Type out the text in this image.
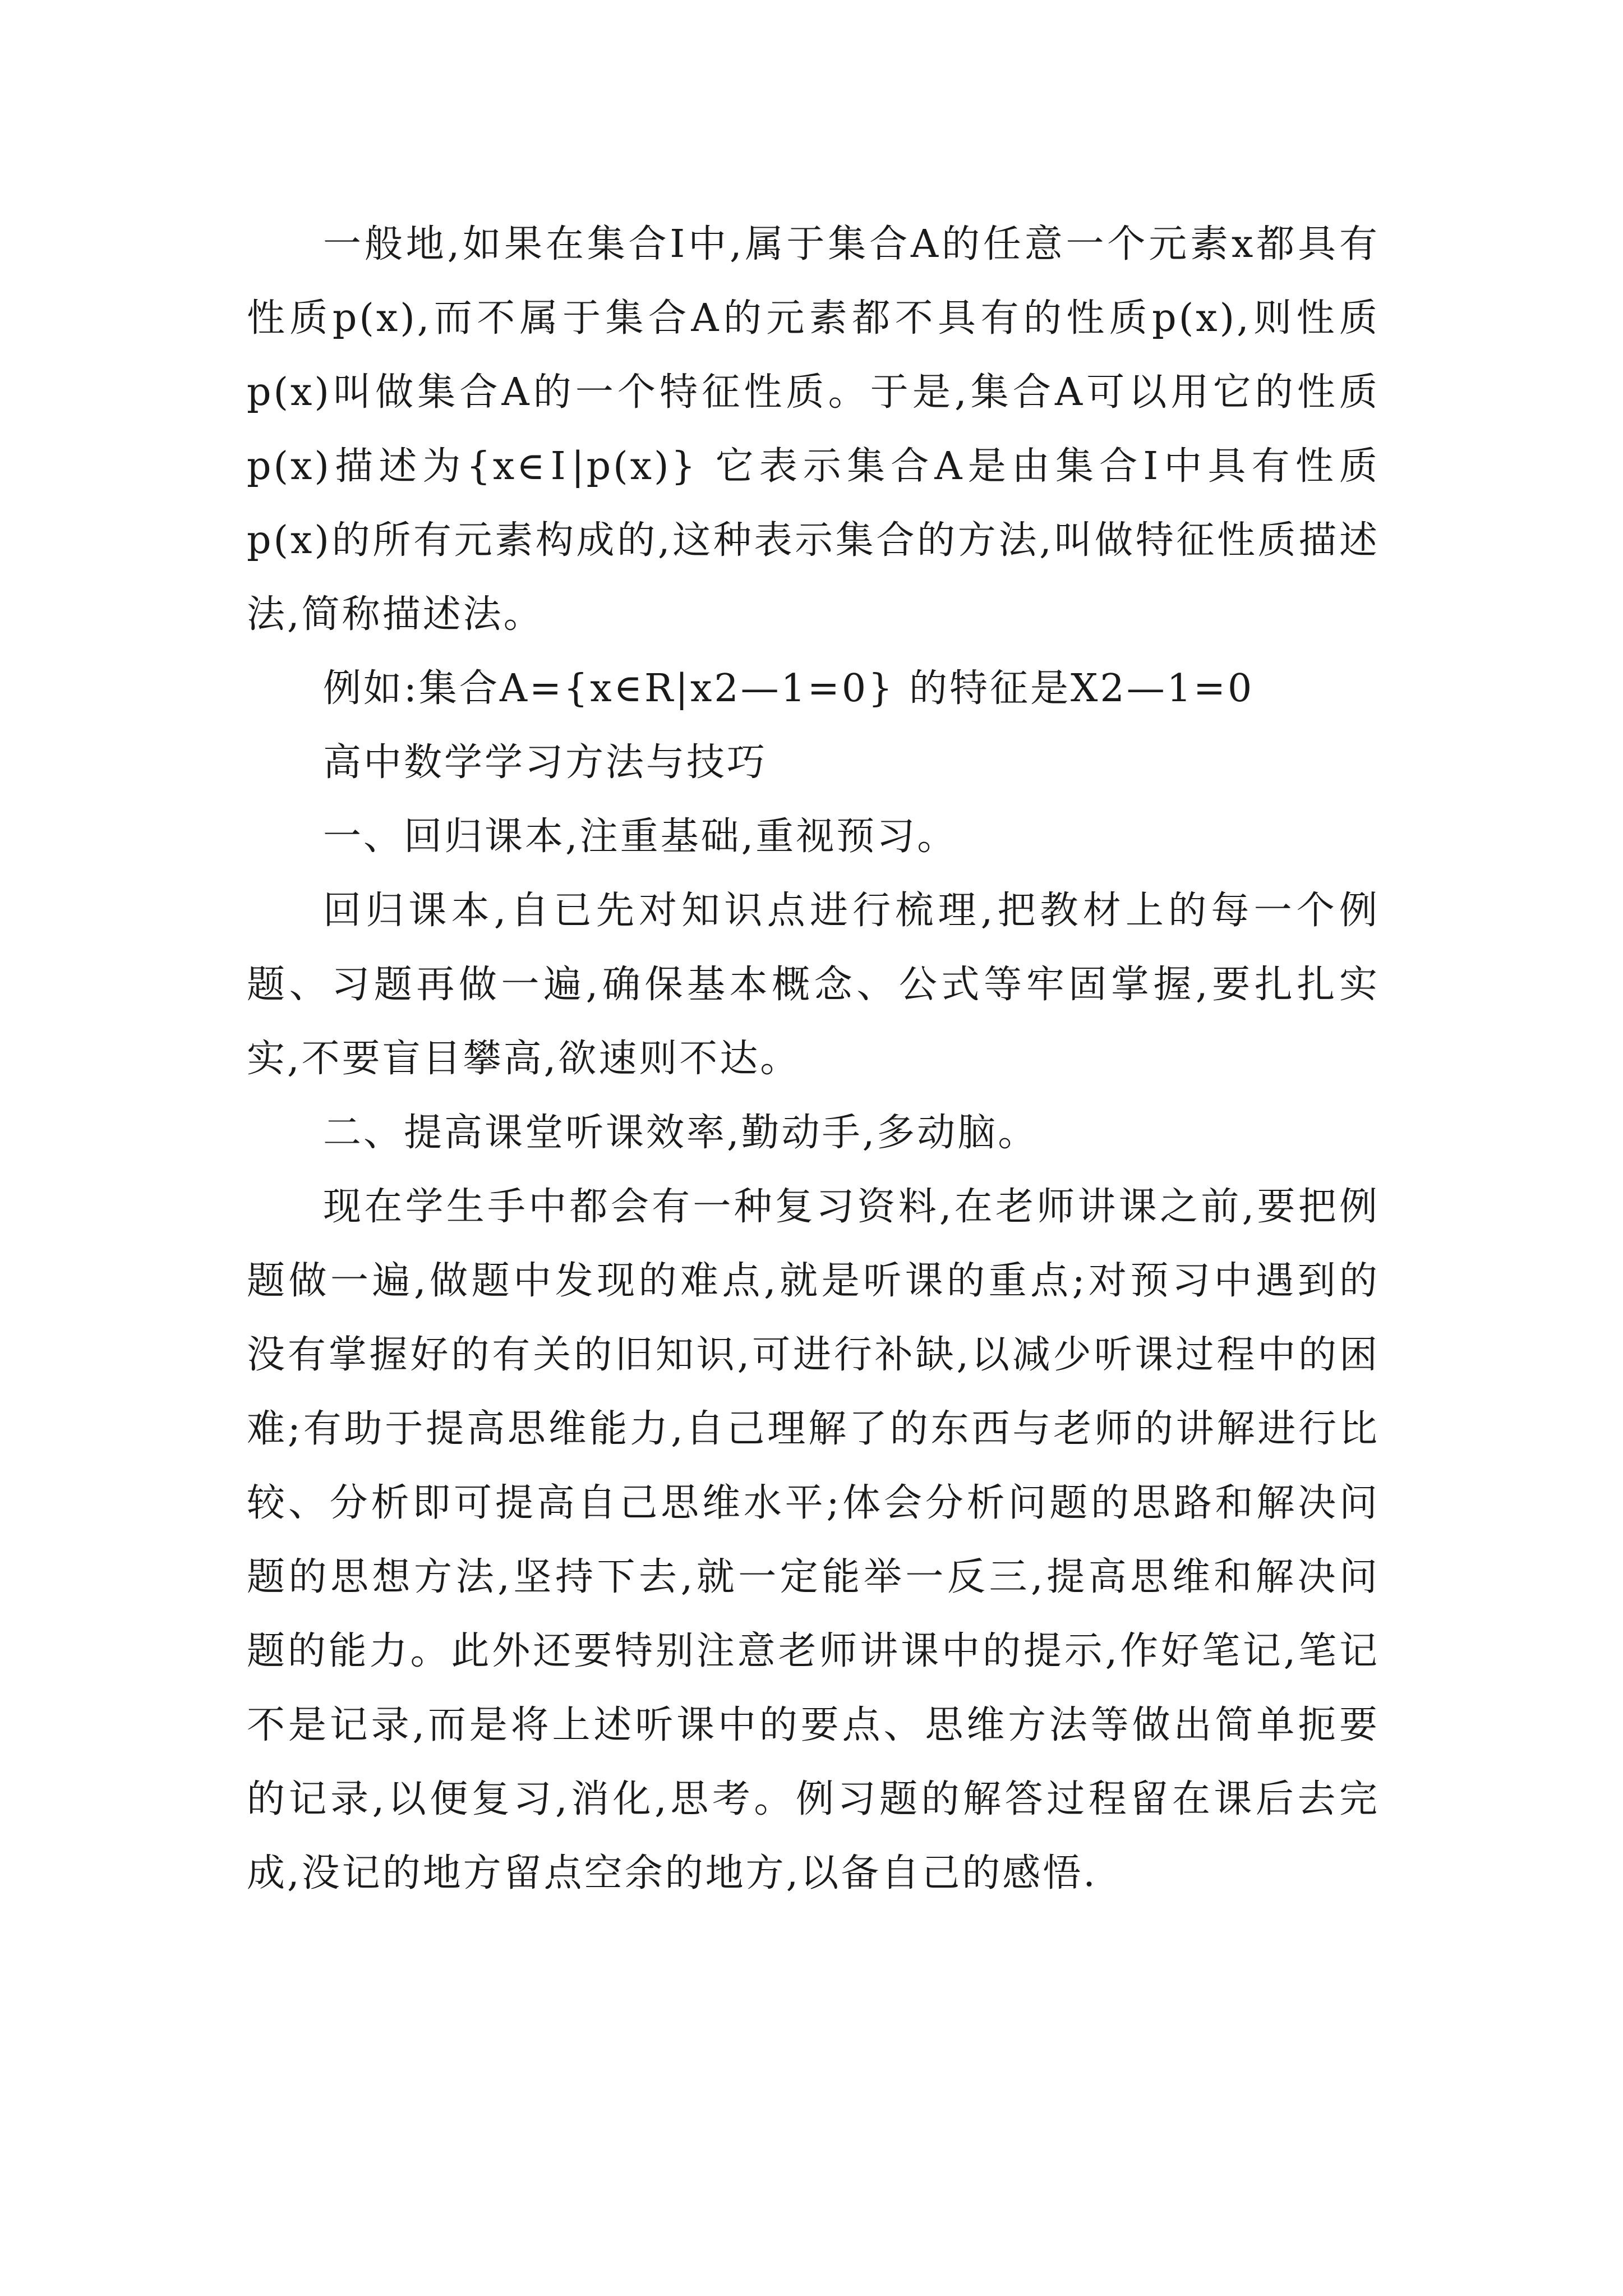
一般地,如果在集合Ⅰ中,属于集合A的任意一个元素x都具有性质p(x),而不属于集合A的元素都不具有的性质p(x),则性质p(x)叫做集合A的一个特征性质。于是,集合A可以用它的性质p(x)描述为{x∈Ⅰ|p(x)} 它表示集合A是由集合Ⅰ中具有性质p(x)的所有元素构成的,这种表示集合的方法,叫做特征性质描述法,简称描述法。

例如:集合A={x∈R|x2—1=0} 的特征是X2—1=0

高中数学学习方法与技巧

一、回归课本,注重基础,重视预习。

回归课本,自已先对知识点进行梳理,把教材上的每一个例题、习题再做一遍,确保基本概念、公式等牢固掌握,要扎扎实实,不要盲目攀高,欲速则不达。

二、提高课堂听课效率,勤动手,多动脑。

现在学生手中都会有一种复习资料,在老师讲课之前,要把例题做一遍,做题中发现的难点,就是听课的重点;对预习中遇到的没有掌握好的有关的旧知识,可进行补缺,以减少听课过程中的困难;有助于提高思维能力,自己理解了的东西与老师的讲解进行比较、分析即可提高自己思维水平;体会分析问题的思路和解决问题的思想方法,坚持下去,就一定能举一反三,提高思维和解决问题的能力。此外还要特别注意老师讲课中的提示,作好笔记,笔记不是记录,而是将上述听课中的要点、思维方法等做出简单扼要的记录,以便复习,消化,思考。例习题的解答过程留在课后去完成,没记的地方留点空余的地方,以备自己的感悟.
